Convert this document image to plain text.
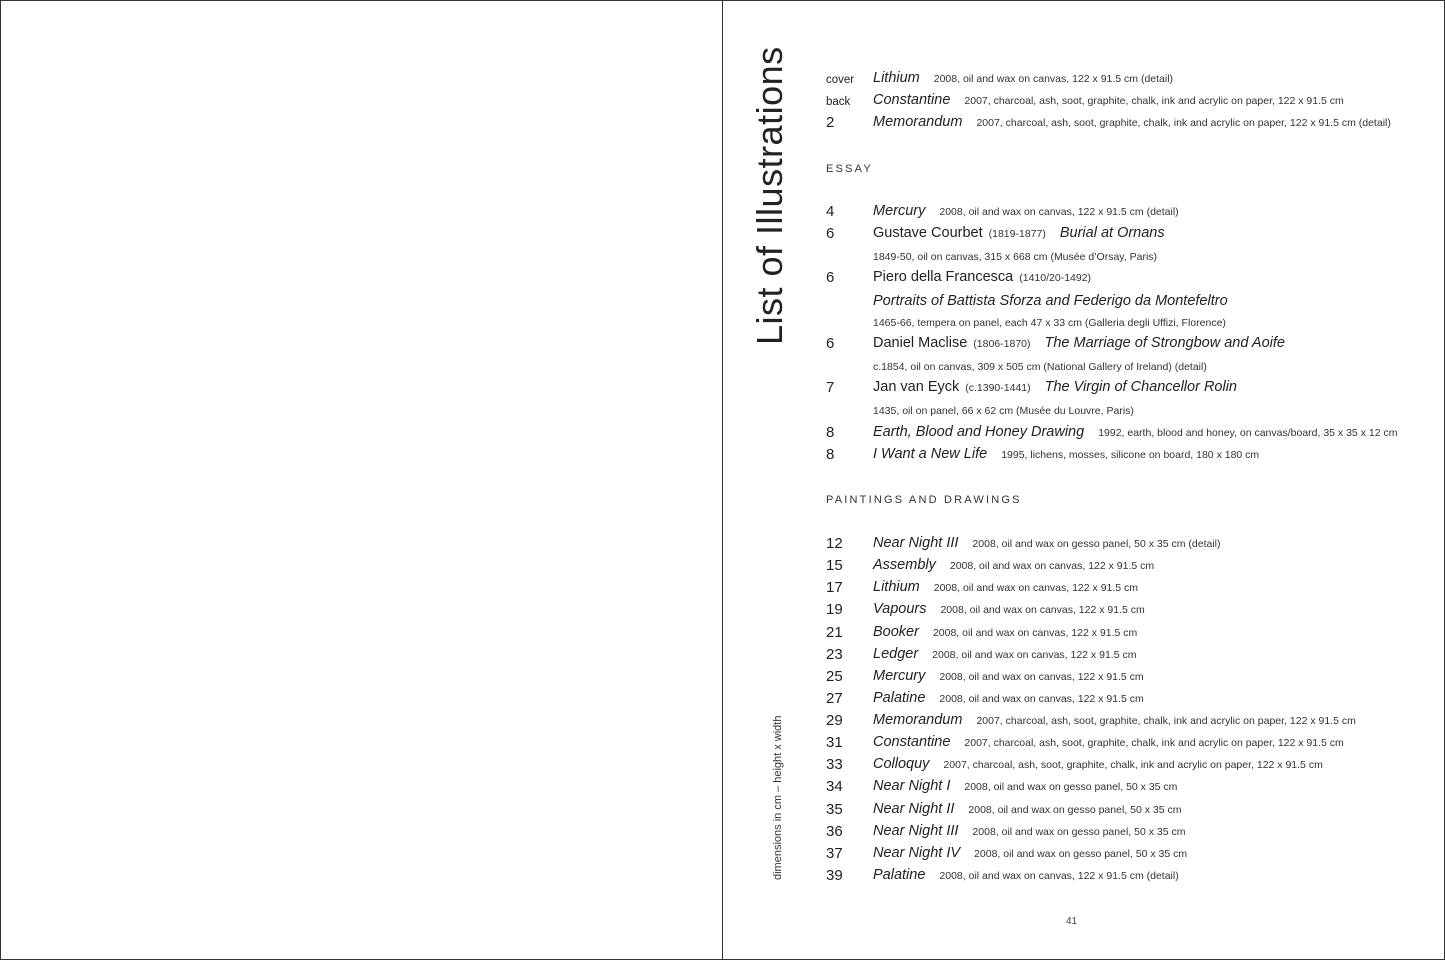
List of Illustrations
dimensions in cm – height x width
cover Lithium 2008, oil and wax on canvas, 122 x 91.5 cm (detail)
back Constantine 2007, charcoal, ash, soot, graphite, chalk, ink and acrylic on paper, 122 x 91.5 cm
2	Memorandum 2007, charcoal, ash, soot, graphite, chalk, ink and acrylic on paper, 122 x 91.5 cm (detail)
ESSAY
4	Mercury 2008, oil and wax on canvas, 122 x 91.5 cm (detail)
6	Gustave Courbet (1819-1877) Burial at Ornans
1849-50, oil on canvas, 315 x 668 cm (Musée d’Orsay, Paris)
6	Piero della Francesca (1410/20-1492)
Portraits of Battista Sforza and Federigo da Montefeltro
1465-66, tempera on panel, each 47 x 33 cm (Galleria degli Uffizi, Florence)
6	Daniel Maclise (1806-1870) The Marriage of Strongbow and Aoife
c.1854, oil on canvas, 309 x 505 cm (National Gallery of Ireland) (detail)
7	Jan van Eyck (c.1390-1441) The Virgin of Chancellor Rolin
1435, oil on panel, 66 x 62 cm (Musée du Louvre, Paris)
8	Earth, Blood and Honey Drawing 1992, earth, blood and honey, on canvas/board, 35 x 35 x 12 cm
8	I Want a New Life 1995, lichens, mosses, silicone on board, 180 x 180 cm
PAINTINGS AND DRAWINGS
12 Near Night III 2008, oil and wax on gesso panel, 50 x 35 cm (detail)
15 Assembly 2008, oil and wax on canvas, 122 x 91.5 cm
17 Lithium 2008, oil and wax on canvas, 122 x 91.5 cm
19 Vapours 2008, oil and wax on canvas, 122 x 91.5 cm
21 Booker 2008, oil and wax on canvas, 122 x 91.5 cm
23 Ledger 2008, oil and wax on canvas, 122 x 91.5 cm
25 Mercury 2008, oil and wax on canvas, 122 x 91.5 cm
27 Palatine 2008, oil and wax on canvas, 122 x 91.5 cm
29 Memorandum 2007, charcoal, ash, soot, graphite, chalk, ink and acrylic on paper, 122 x 91.5 cm
31 Constantine 2007, charcoal, ash, soot, graphite, chalk, ink and acrylic on paper, 122 x 91.5 cm
33 Colloquy 2007, charcoal, ash, soot, graphite, chalk, ink and acrylic on paper, 122 x 91.5 cm
34 Near Night I 2008, oil and wax on gesso panel, 50 x 35 cm
35 Near Night II 2008, oil and wax on gesso panel, 50 x 35 cm
36 Near Night III 2008, oil and wax on gesso panel, 50 x 35 cm
37 Near Night IV 2008, oil and wax on gesso panel, 50 x 35 cm
39 Palatine 2008, oil and wax on canvas, 122 x 91.5 cm (detail)
41
